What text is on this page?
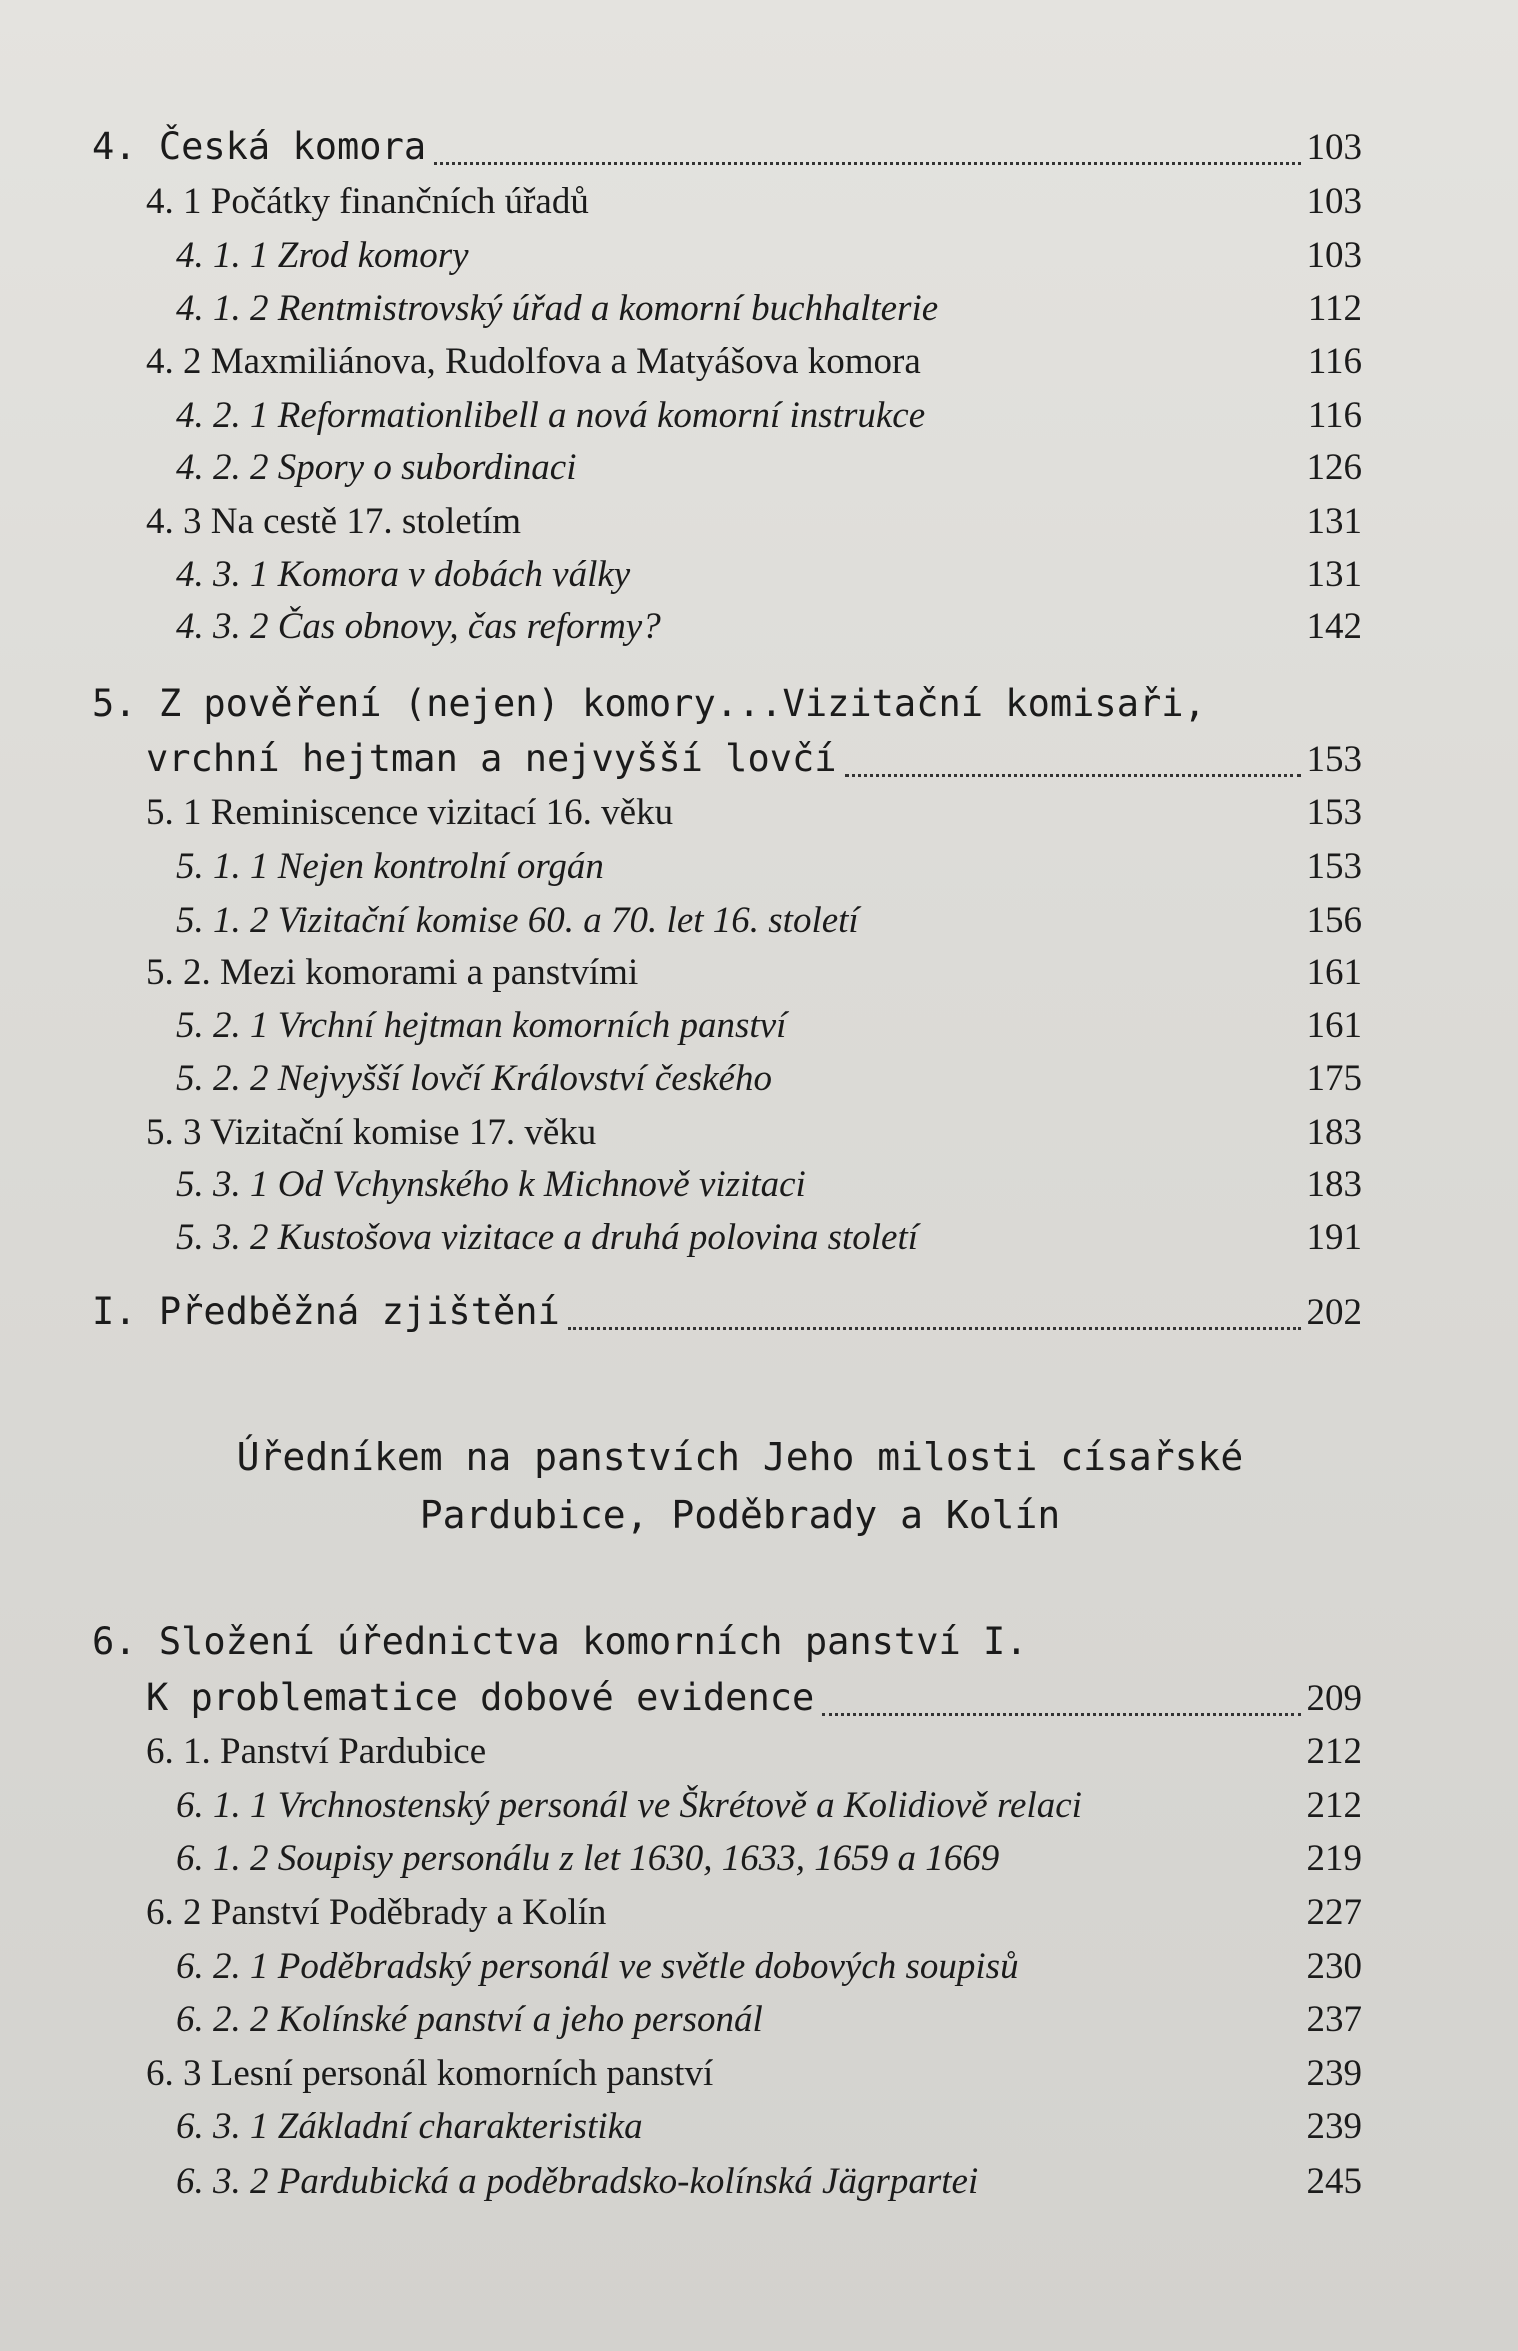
4. Česká komora	103
4. 1 Počátky finančních úřadů	103
4. 1. 1 Zrod komory	103
4. 1. 2 Rentmistrovský úřad a komorní buchhalterie	112
4. 2 Maxmiliánova, Rudolfova a Matyášova komora	116
4. 2. 1 Reformationlibell a nová komorní instrukce	116
4. 2. 2 Spory o subordinaci	126
4. 3 Na cestě 17. stoletím	131
4. 3. 1 Komora v dobách války	131
4. 3. 2 Čas obnovy, čas reformy?	142
5. Z pověření (nejen) komory...Vizitační komisaři,
vrchní hejtman a nejvyšší lovčí	153
5. 1 Reminiscence vizitací 16. věku	153
5. 1. 1 Nejen kontrolní orgán	153
5. 1. 2 Vizitační komise 60. a 70. let 16. století	156
5. 2. Mezi komorami a panstvími	161
5. 2. 1 Vrchní hejtman komorních panství	161
5. 2. 2 Nejvyšší lovčí Království českého	175
5. 3 Vizitační komise 17. věku	183
5. 3. 1 Od Vchynského k Michnově vizitaci	183
5. 3. 2 Kustošova vizitace a druhá polovina století	191
I. Předběžná zjištění	202
6. Složení úřednictva komorních panství I.
K problematice dobové evidence	209
6. 1. Panství Pardubice	212
6. 1. 1 Vrchnostenský personál ve Škrétově a Kolidiově relaci	212
6. 1. 2 Soupisy personálu z let 1630, 1633, 1659 a 1669	219
6. 2 Panství Poděbrady a Kolín	227
6. 2. 1 Poděbradský personál ve světle dobových soupisů	230
6. 2. 2 Kolínské panství a jeho personál	237
6. 3 Lesní personál komorních panství	239
6. 3. 1 Základní charakteristika	239
6. 3. 2 Pardubická a poděbradsko-kolínská Jägrpartei	245
Úředníkem na panstvích Jeho milosti císařské
Pardubice, Poděbrady a Kolín
